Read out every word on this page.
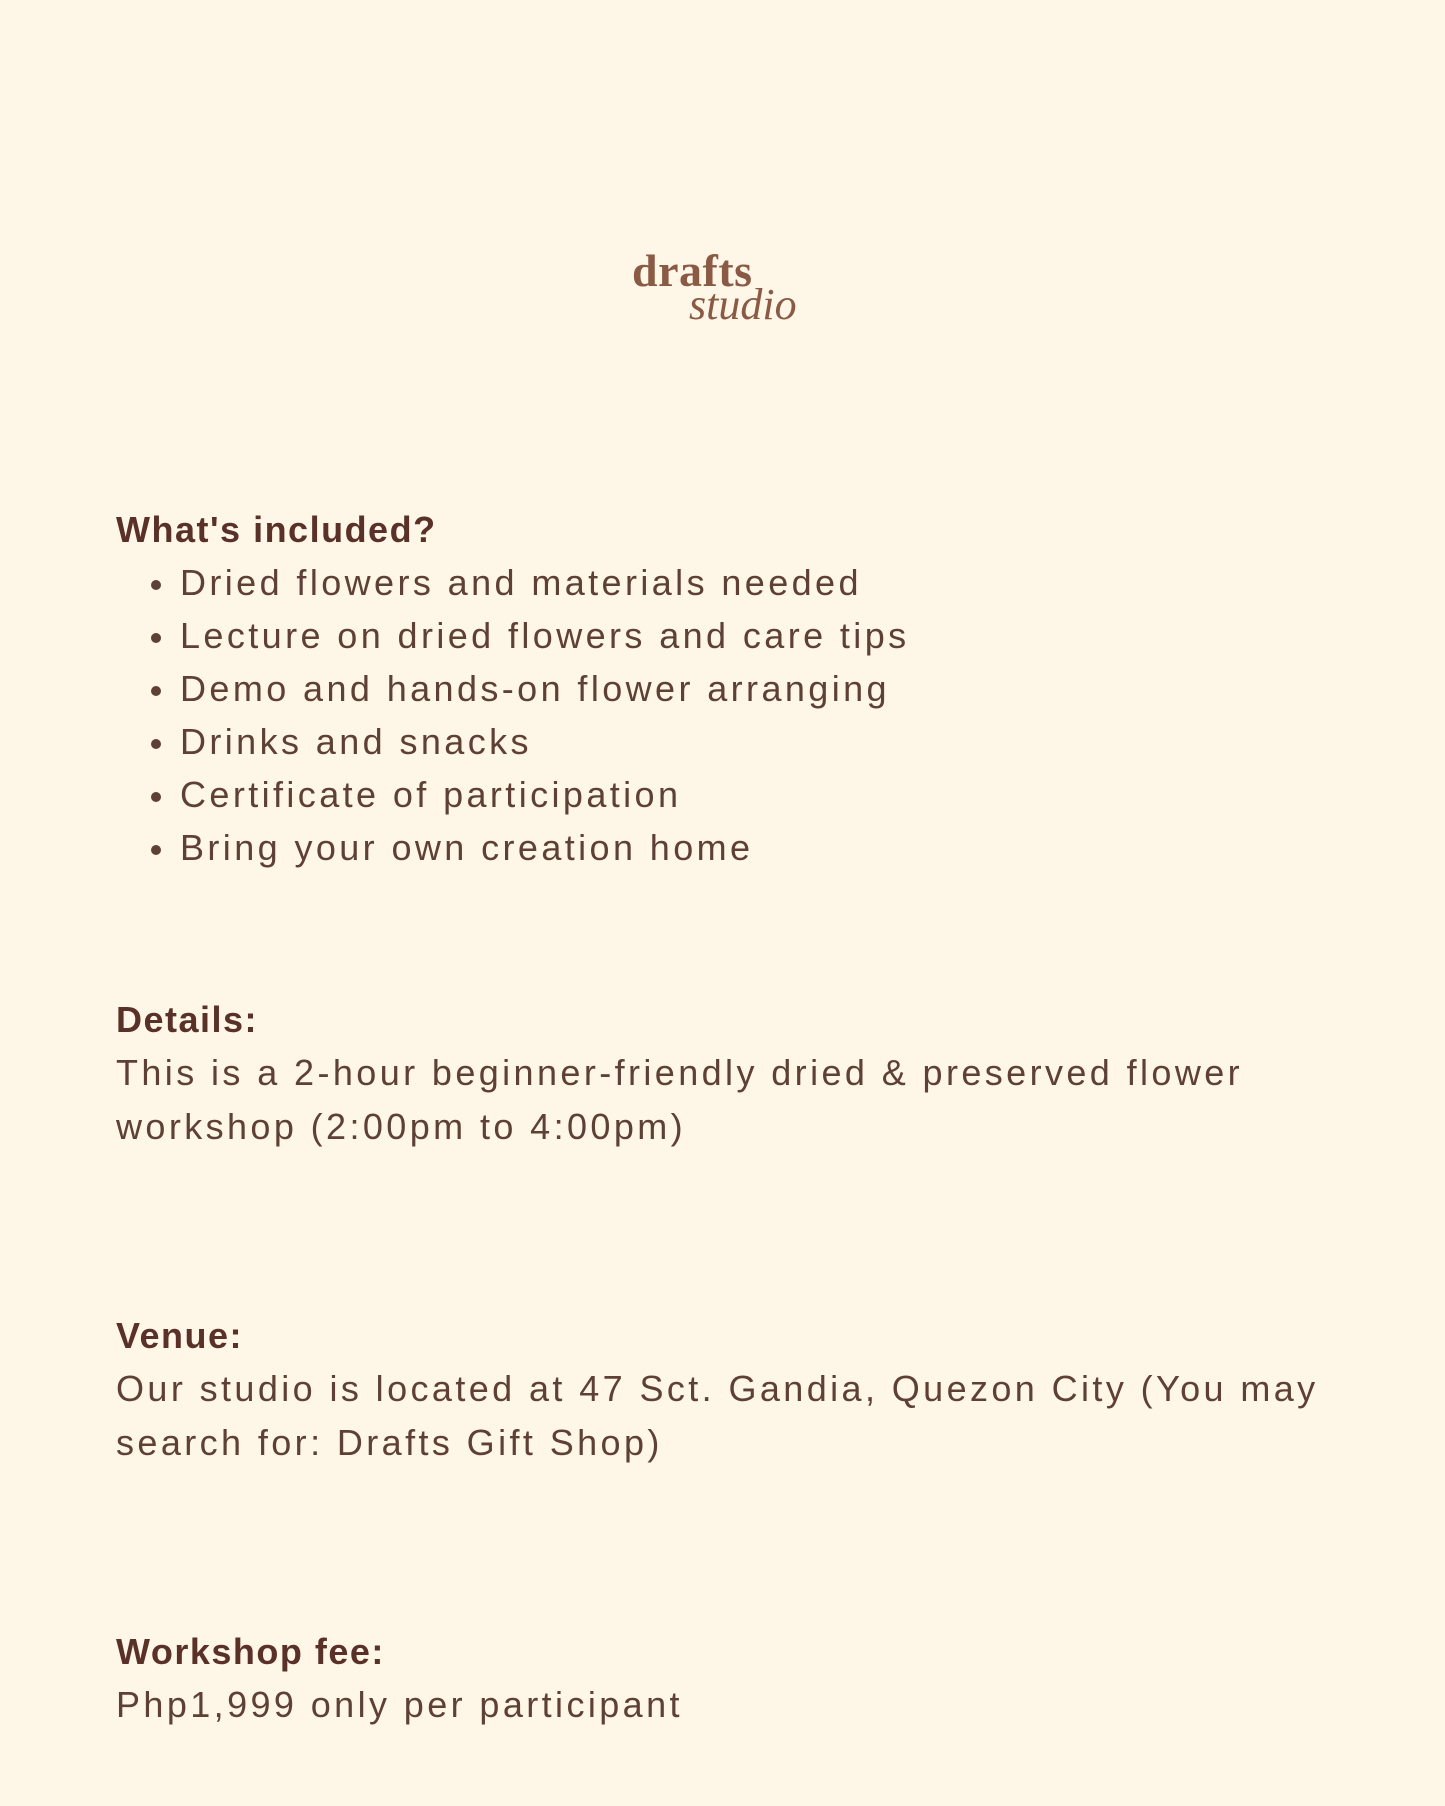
drafts
studio
What's included?
Dried flowers and materials needed
Lecture on dried flowers and care tips
Demo and hands-on flower arranging
Drinks and snacks
Certificate of participation
Bring your own creation home
Details:

This is a 2-hour beginner-friendly dried & preserved flower workshop (2:00pm to 4:00pm)

Venue:

Our studio is located at 47 Sct. Gandia, Quezon City (You may search for: Drafts Gift Shop)

Workshop fee:

Php1,999 only per participant
